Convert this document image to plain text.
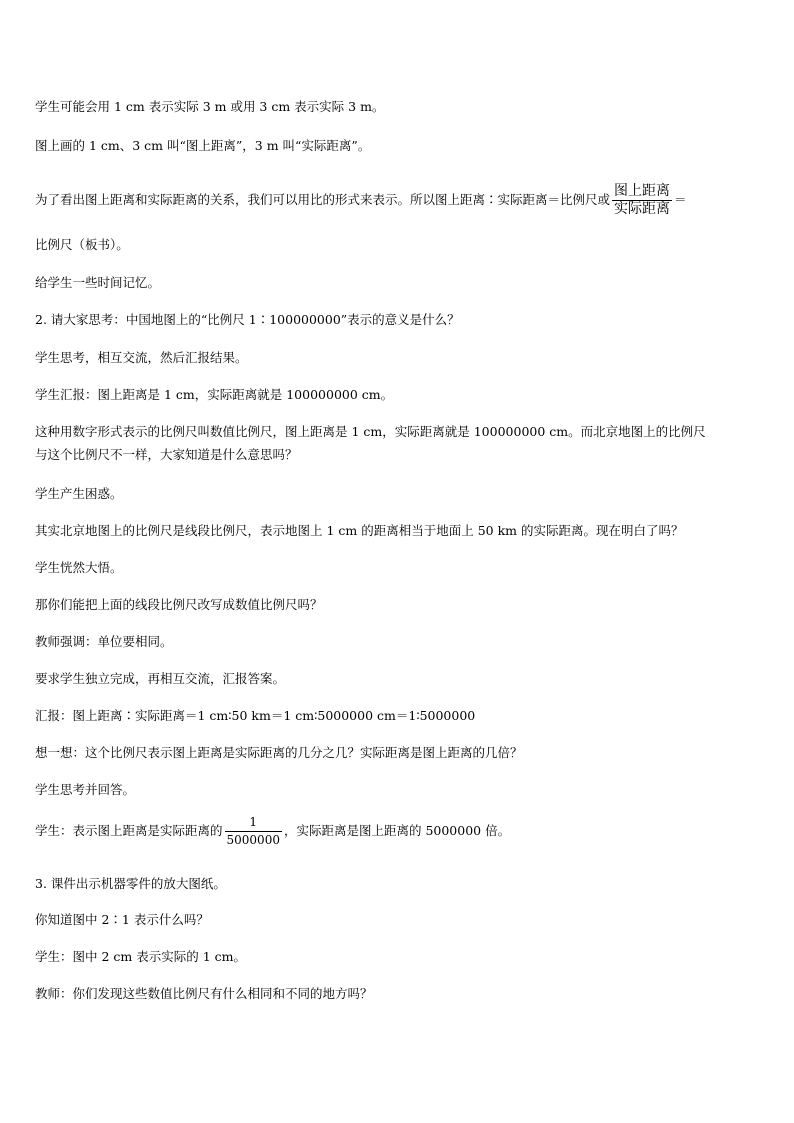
学生可能会用 1 cm 表示实际 3 m 或用 3 cm 表示实际 3 m。
图上画的 1 cm、3 cm 叫“图上距离”，3 m 叫“实际距离”。
为了看出图上距离和实际距离的关系，我们可以用比的形式来表示。所以图上距离∶实际距离＝比例尺或 $\frac{\text{图上距离}}{\text{实际距离}}$ ＝
比例尺（板书）。
给学生一些时间记忆。
2. 请大家思考：中国地图上的“比例尺 1∶100000000”表示的意义是什么？
学生思考，相互交流，然后汇报结果。
学生汇报：图上距离是 1 cm，实际距离就是 100000000 cm。
这种用数字形式表示的比例尺叫数值比例尺，图上距离是 1 cm，实际距离就是 100000000 cm。而北京地图上的比例尺
与这个比例尺不一样，大家知道是什么意思吗？
学生产生困惑。
其实北京地图上的比例尺是线段比例尺，表示地图上 1 cm 的距离相当于地面上 50 km 的实际距离。现在明白了吗？
学生恍然大悟。
那你们能把上面的线段比例尺改写成数值比例尺吗？
教师强调：单位要相同。
要求学生独立完成，再相互交流，汇报答案。
汇报：图上距离∶实际距离＝1 cm∶50 km＝1 cm∶5000000 cm＝1∶5000000
想一想：这个比例尺表示图上距离是实际距离的几分之几？实际距离是图上距离的几倍？
学生思考并回答。
学生：表示图上距离是实际距离的 $\frac{1}{5000000}$ ，实际距离是图上距离的 5000000 倍。
3. 课件出示机器零件的放大图纸。
你知道图中 2∶1 表示什么吗？
学生：图中 2 cm 表示实际的 1 cm。
教师：你们发现这些数值比例尺有什么相同和不同的地方吗？
